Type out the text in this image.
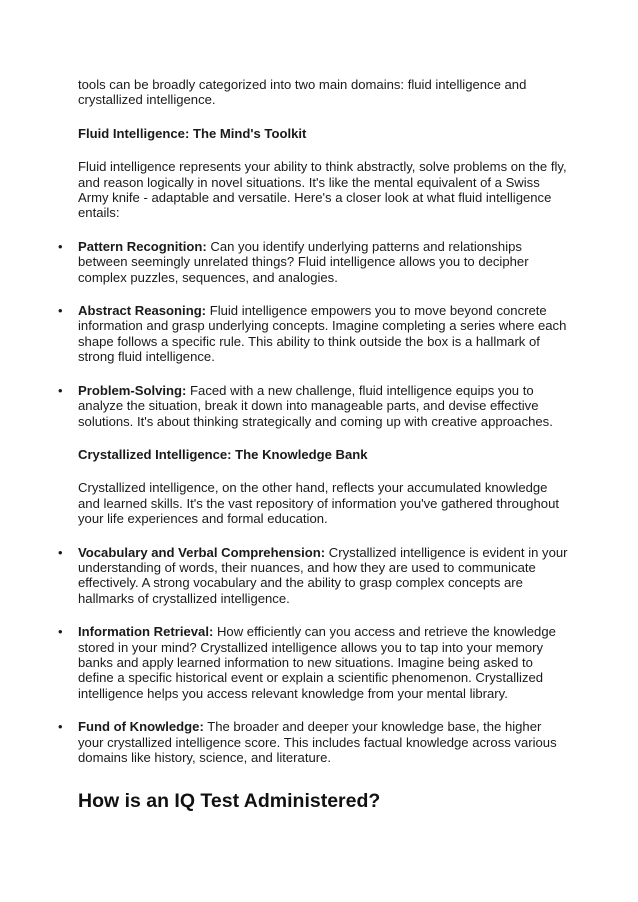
tools can be broadly categorized into two main domains: fluid intelligence and crystallized intelligence.

Fluid Intelligence: The Mind's Toolkit

Fluid intelligence represents your ability to think abstractly, solve problems on the fly, and reason logically in novel situations. It's like the mental equivalent of a Swiss Army knife - adaptable and versatile. Here's a closer look at what fluid intelligence entails:

• Pattern Recognition: Can you identify underlying patterns and relationships between seemingly unrelated things? Fluid intelligence allows you to decipher complex puzzles, sequences, and analogies.
• Abstract Reasoning: Fluid intelligence empowers you to move beyond concrete information and grasp underlying concepts. Imagine completing a series where each shape follows a specific rule. This ability to think outside the box is a hallmark of strong fluid intelligence.
• Problem-Solving: Faced with a new challenge, fluid intelligence equips you to analyze the situation, break it down into manageable parts, and devise effective solutions. It's about thinking strategically and coming up with creative approaches.

Crystallized Intelligence: The Knowledge Bank

Crystallized intelligence, on the other hand, reflects your accumulated knowledge and learned skills. It's the vast repository of information you've gathered throughout your life experiences and formal education.

• Vocabulary and Verbal Comprehension: Crystallized intelligence is evident in your understanding of words, their nuances, and how they are used to communicate effectively. A strong vocabulary and the ability to grasp complex concepts are hallmarks of crystallized intelligence.
• Information Retrieval: How efficiently can you access and retrieve the knowledge stored in your mind? Crystallized intelligence allows you to tap into your memory banks and apply learned information to new situations. Imagine being asked to define a specific historical event or explain a scientific phenomenon. Crystallized intelligence helps you access relevant knowledge from your mental library.
• Fund of Knowledge: The broader and deeper your knowledge base, the higher your crystallized intelligence score. This includes factual knowledge across various domains like history, science, and literature.
How is an IQ Test Administered?
